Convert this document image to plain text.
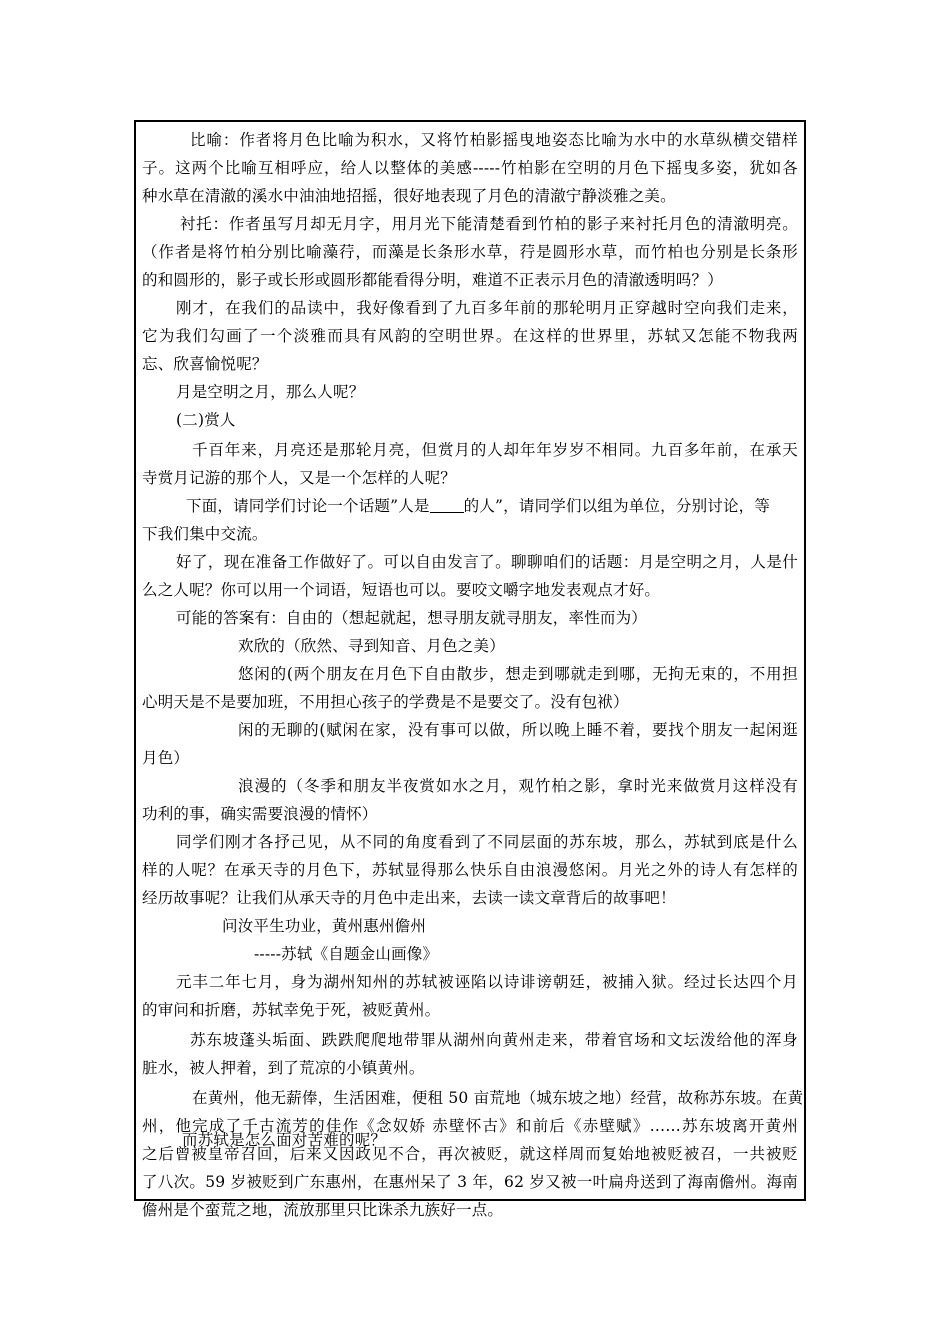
比喻：作者将月色比喻为积水，又将竹柏影摇曳地姿态比喻为水中的水草纵横交错样
子。这两个比喻互相呼应，给人以整体的美感-----竹柏影在空明的月色下摇曳多姿，犹如各
种水草在清澈的溪水中油油地招摇，很好地表现了月色的清澈宁静淡雅之美。
衬托：作者虽写月却无月字，用月光下能清楚看到竹柏的影子来衬托月色的清澈明亮。
（作者是将竹柏分别比喻藻荇，而藻是长条形水草，荇是圆形水草，而竹柏也分别是长条形
的和圆形的，影子或长形或圆形都能看得分明，难道不正表示月色的清澈透明吗？）
刚才，在我们的品读中，我好像看到了九百多年前的那轮明月正穿越时空向我们走来，
它为我们勾画了一个淡雅而具有风韵的空明世界。在这样的世界里，苏轼又怎能不物我两
忘、欣喜愉悦呢？
月是空明之月，那么人呢？
(二)赏人
千百年来，月亮还是那轮月亮，但赏月的人却年年岁岁不相同。九百多年前，在承天
寺赏月记游的那个人，又是一个怎样的人呢？
下面，请同学们讨论一个话题”人是 的人”，请同学们以组为单位，分别讨论，等
下我们集中交流。
好了，现在准备工作做好了。可以自由发言了。聊聊咱们的话题：月是空明之月，人是什
么之人呢？你可以用一个词语，短语也可以。要咬文嚼字地发表观点才好。
可能的答案有：自由的（想起就起，想寻朋友就寻朋友，率性而为）
欢欣的（欣然、寻到知音、月色之美）
悠闲的(两个朋友在月色下自由散步，想走到哪就走到哪，无拘无束的，不用担
心明天是不是要加班，不用担心孩子的学费是不是要交了。没有包袱）
闲的无聊的(赋闲在家，没有事可以做，所以晚上睡不着，要找个朋友一起闲逛
月色）
浪漫的（冬季和朋友半夜赏如水之月，观竹柏之影，拿时光来做赏月这样没有
功利的事，确实需要浪漫的情怀）
同学们刚才各抒己见，从不同的角度看到了不同层面的苏东坡，那么，苏轼到底是什么
样的人呢？在承天寺的月色下，苏轼显得那么快乐自由浪漫悠闲。月光之外的诗人有怎样的
经历故事呢？让我们从承天寺的月色中走出来，去读一读文章背后的故事吧！
问汝平生功业，黄州惠州儋州
-----苏轼《自题金山画像》
元丰二年七月，身为湖州知州的苏轼被诬陷以诗诽谤朝廷，被捕入狱。经过长达四个月
的审问和折磨，苏轼幸免于死，被贬黄州。
苏东坡蓬头垢面、跌跌爬爬地带罪从湖州向黄州走来，带着官场和文坛泼给他的浑身
脏水，被人押着，到了荒凉的小镇黄州。
在黄州，他无薪俸，生活困难，便租 50 亩荒地（城东坡之地）经营，故称苏东坡。在黄
州，他完成了千古流芳的佳作《念奴娇 赤壁怀古》和前后《赤壁赋》……苏东坡离开黄州
之后曾被皇帝召回，后来又因政见不合，再次被贬，就这样周而复始地被贬被召，一共被贬
了八次。59 岁被贬到广东惠州，在惠州呆了 3 年，62 岁又被一叶扁舟送到了海南儋州。海南
儋州是个蛮荒之地，流放那里只比诛杀九族好一点。
而苏轼是怎么面对苦难的呢？
